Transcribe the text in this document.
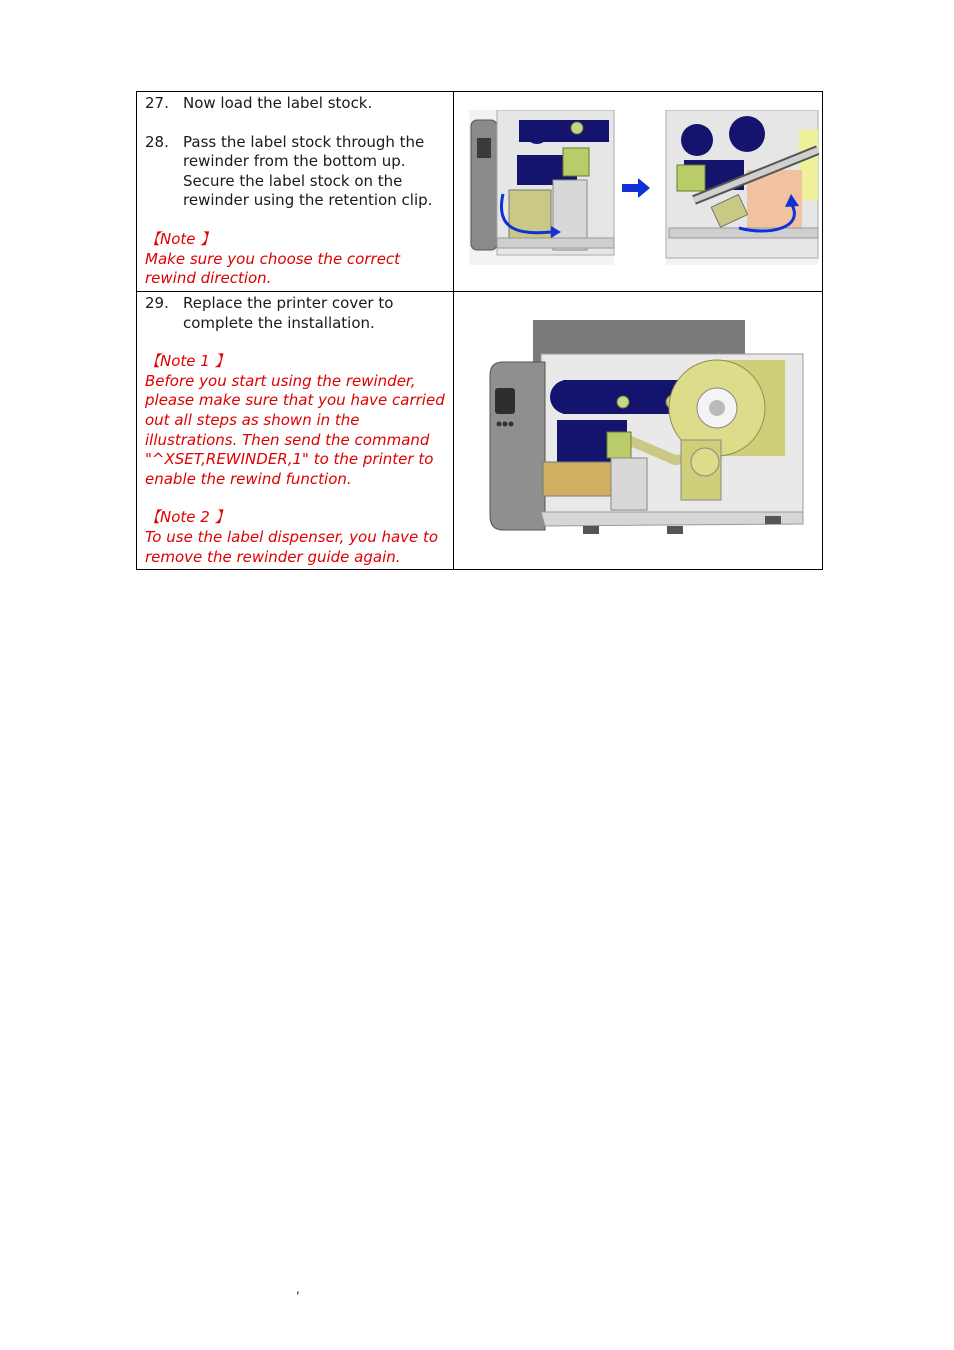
27. Now load the label stock.
28. Pass the label stock through the rewinder from the bottom up. Secure the label stock on the rewinder using the retention clip.
【Note 】
Make sure you choose the correct rewind direction.
29. Replace the printer cover to complete the installation.
【Note 1 】
Before you start using the rewinder, please make sure that you have carried out all steps as shown in the illustrations. Then send the command "^XSET,REWINDER,1" to the printer to enable the rewind function.
【Note 2 】
To use the label dispenser, you have to remove the rewinder guide again.
,
